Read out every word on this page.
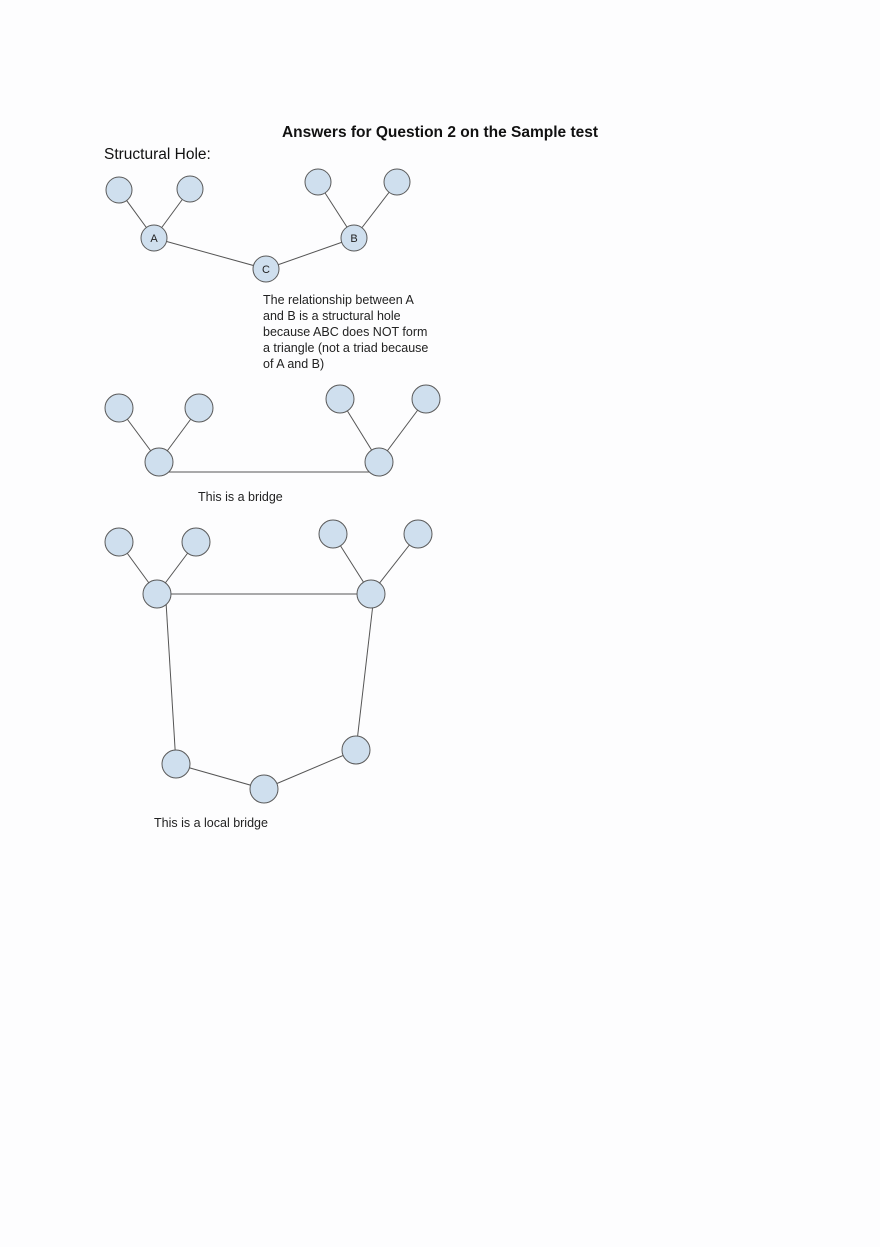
Answers for Question 2 on the Sample test
Structural Hole:
A
C
B
The relationship between A and B is a structural hole because ABC does NOT form a triangle (not a triad because of A and B)
This is a bridge
This is a local bridge
